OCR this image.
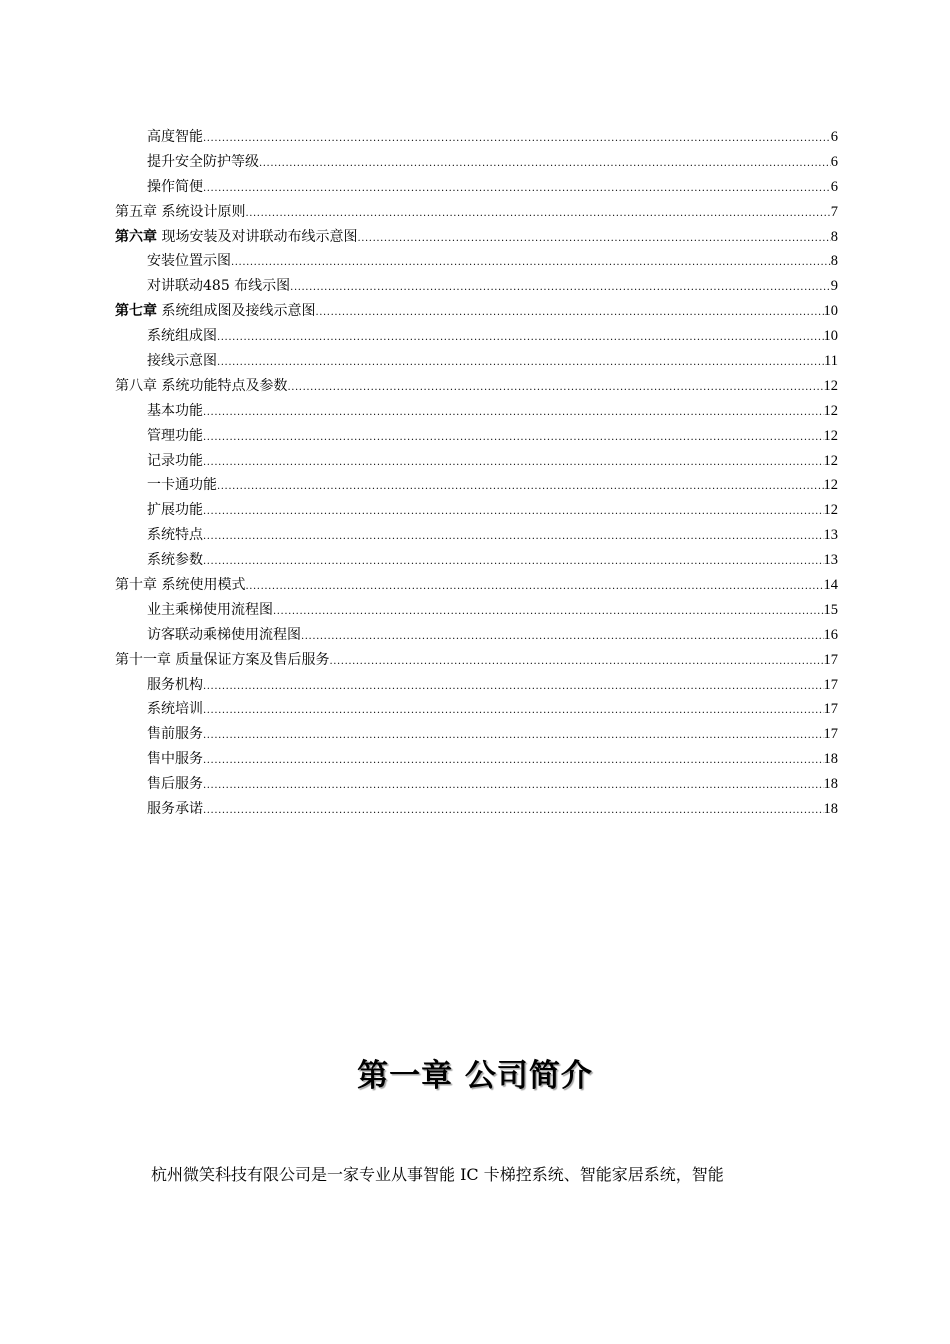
高度智能 .....	6
提升安全防护等级 .....	6
操作简便 .....	6
第五章 系统设计原则 .....	7
第六章 现场安装及对讲联动布线示意图 .....	8
安装位置示图 .....	8
对讲联动485 布线示图 .....	9
第七章 系统组成图及接线示意图 .....	10
系统组成图 .....	10
接线示意图 .....	11
第八章 系统功能特点及参数 .....	12
基本功能 .....	12
管理功能 .....	12
记录功能 .....	12
一卡通功能 .....	12
扩展功能 .....	12
系统特点 .....	13
系统参数 .....	13
第十章 系统使用模式 .....	14
业主乘梯使用流程图 .....	15
访客联动乘梯使用流程图 .....	16
第十一章 质量保证方案及售后服务 .....	17
服务机构 .....	17
系统培训 .....	17
售前服务 .....	17
售中服务 .....	18
售后服务 .....	18
服务承诺 .....	18
第一章 公司简介

杭州微笑科技有限公司是一家专业从事智能 IC 卡梯控系统、智能家居系统，智能
